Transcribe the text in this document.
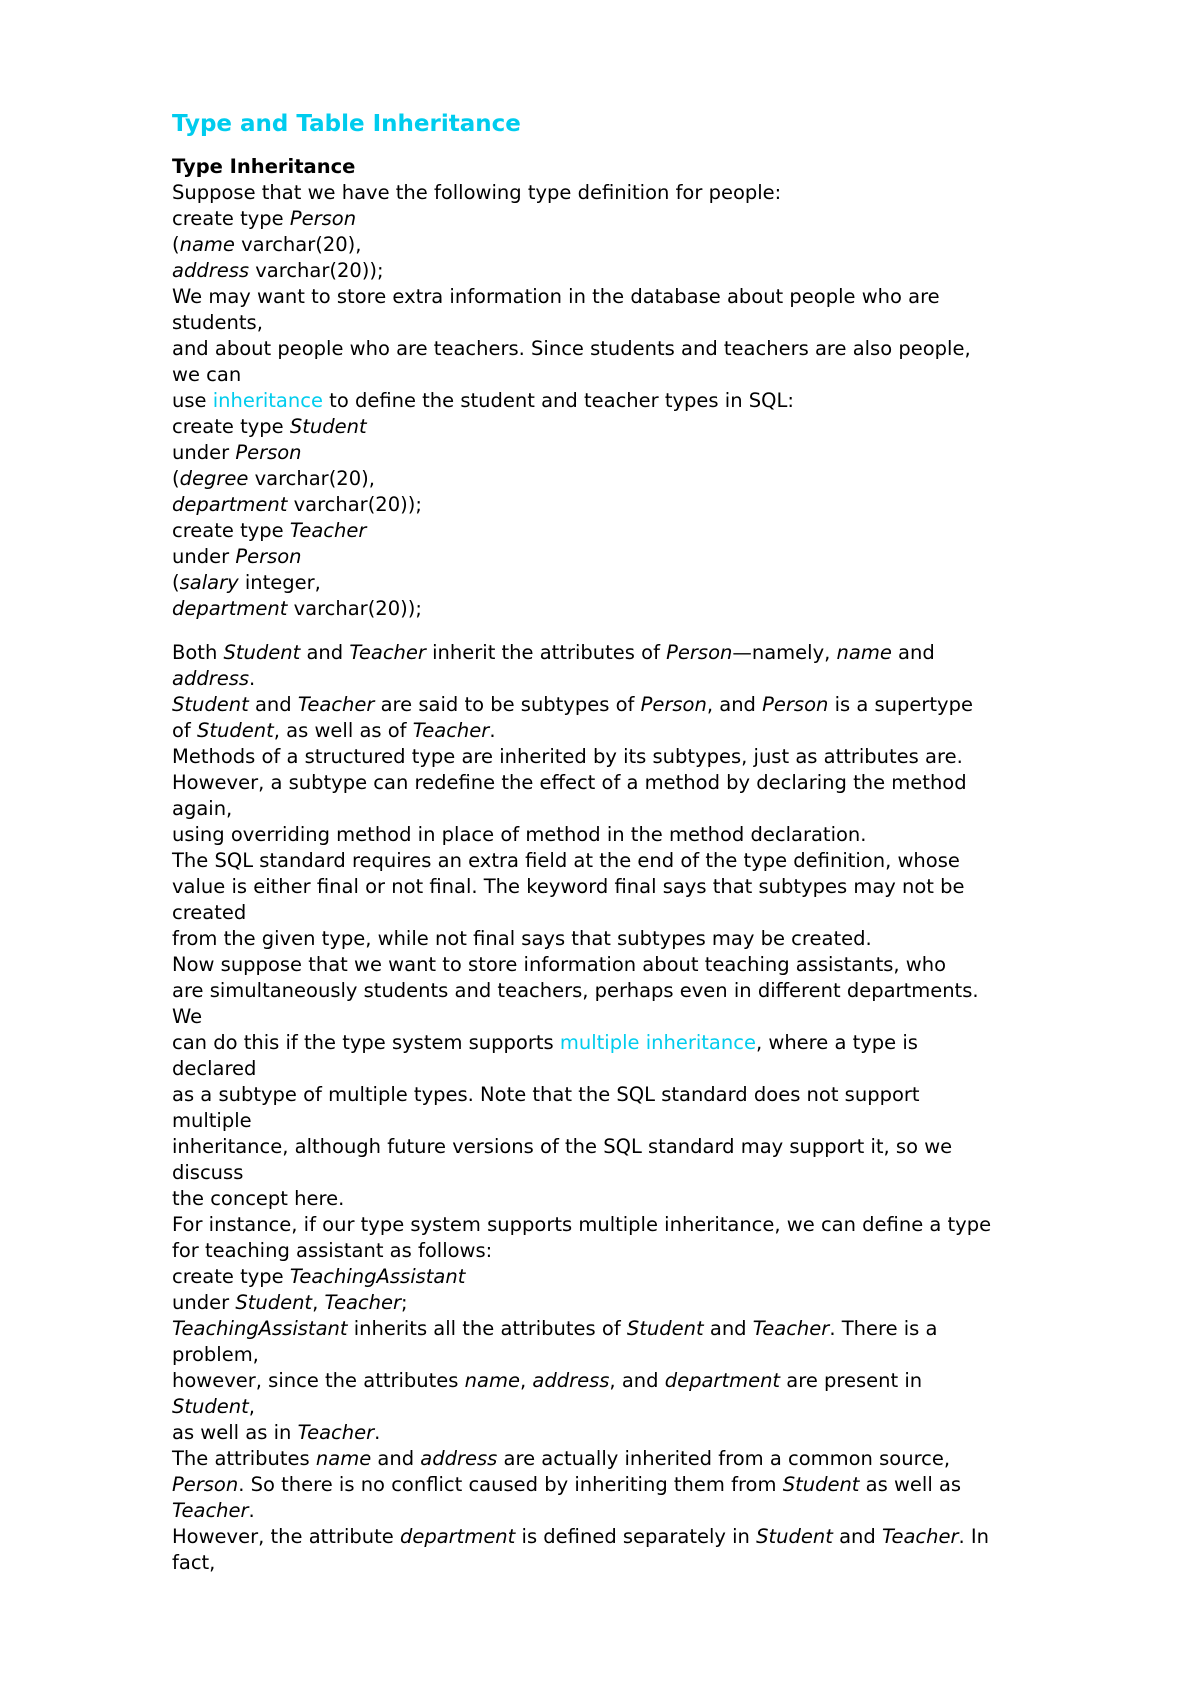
Type and Table Inheritance
Type Inheritance
Suppose that we have the following type definition for people:
create type Person
(name varchar(20),
address varchar(20));
We may want to store extra information in the database about people who are
students,
and about people who are teachers. Since students and teachers are also people,
we can
use inheritance to define the student and teacher types in SQL:
create type Student
under Person
(degree varchar(20),
department varchar(20));
create type Teacher
under Person
(salary integer,
department varchar(20));
Both Student and Teacher inherit the attributes of Person—namely, name and
address.
Student and Teacher are said to be subtypes of Person, and Person is a supertype
of Student, as well as of Teacher.
Methods of a structured type are inherited by its subtypes, just as attributes are.
However, a subtype can redefine the effect of a method by declaring the method
again,
using overriding method in place of method in the method declaration.
The SQL standard requires an extra field at the end of the type definition, whose
value is either final or not final. The keyword final says that subtypes may not be
created
from the given type, while not final says that subtypes may be created.
Now suppose that we want to store information about teaching assistants, who
are simultaneously students and teachers, perhaps even in different departments.
We
can do this if the type system supports multiple inheritance, where a type is
declared
as a subtype of multiple types. Note that the SQL standard does not support
multiple
inheritance, although future versions of the SQL standard may support it, so we
discuss
the concept here.
For instance, if our type system supports multiple inheritance, we can define a type
for teaching assistant as follows:
create type TeachingAssistant
under Student, Teacher;
TeachingAssistant inherits all the attributes of Student and Teacher. There is a
problem,
however, since the attributes name, address, and department are present in
Student,
as well as in Teacher.
The attributes name and address are actually inherited from a common source,
Person. So there is no conflict caused by inheriting them from Student as well as
Teacher.
However, the attribute department is defined separately in Student and Teacher. In
fact,
